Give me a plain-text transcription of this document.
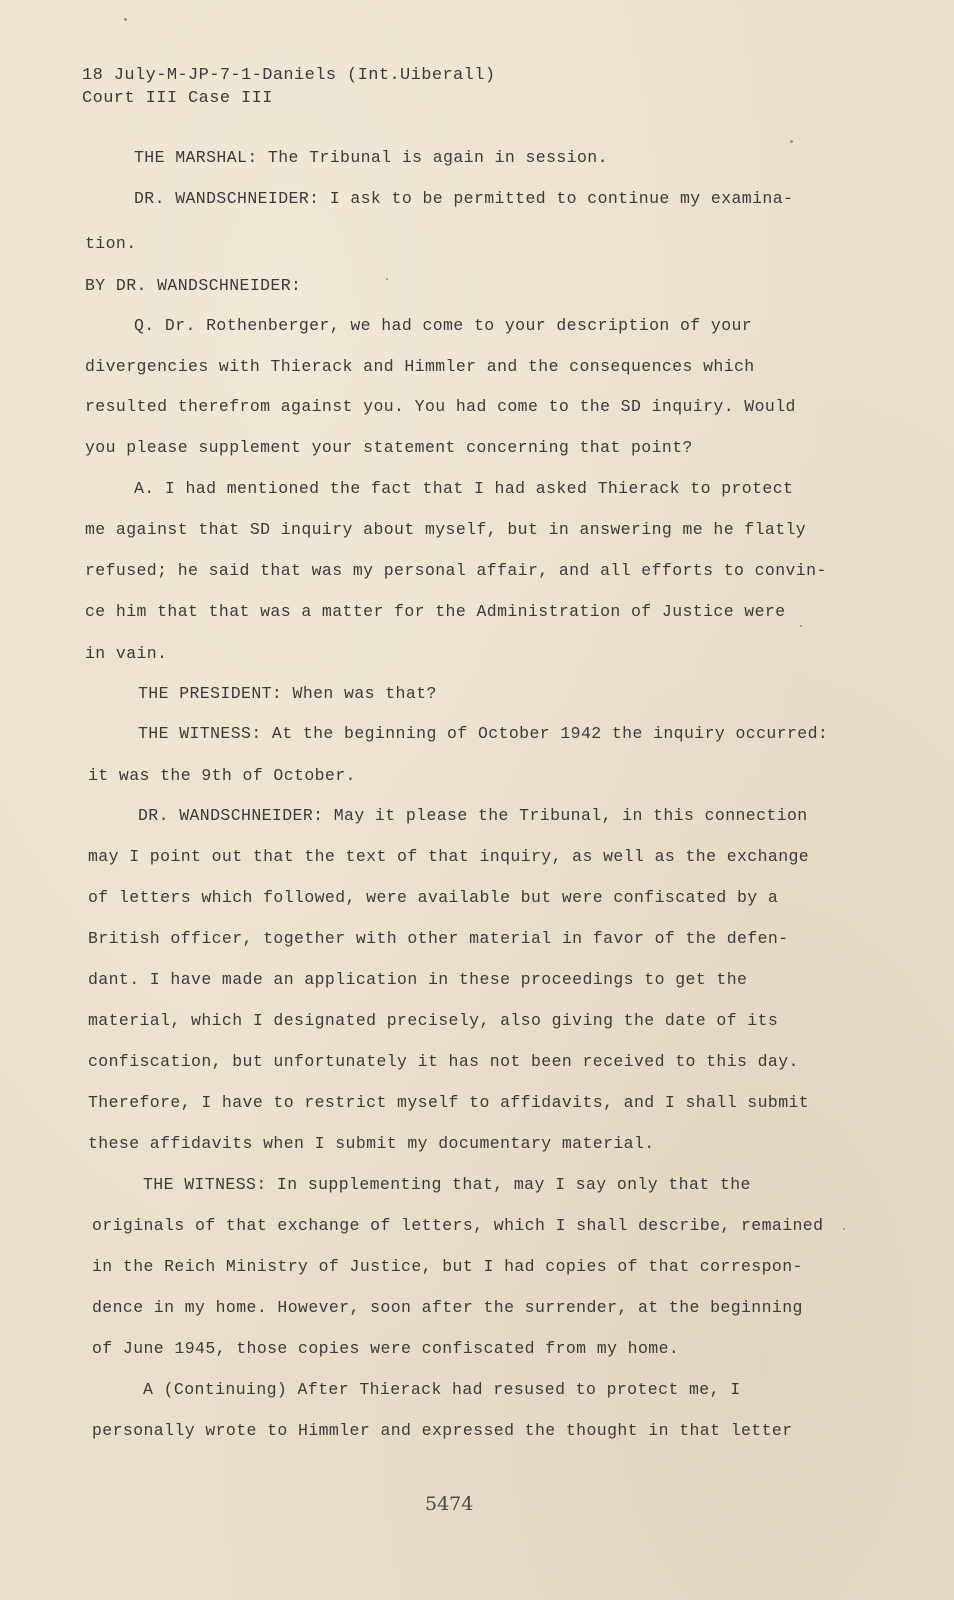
18 July-M-JP-7-1-Daniels (Int.Uiberall)
Court III Case III
THE MARSHAL: The Tribunal is again in session.
DR. WANDSCHNEIDER: I ask to be permitted to continue my examina-
tion.
BY DR. WANDSCHNEIDER:
Q. Dr. Rothenberger, we had come to your description of your
divergencies with Thierack and Himmler and the consequences which
resulted therefrom against you. You had come to the SD inquiry. Would
you please supplement your statement concerning that point?
A. I had mentioned the fact that I had asked Thierack to protect
me against that SD inquiry about myself, but in answering me he flatly
refused; he said that was my personal affair, and all efforts to convin-
ce him that that was a matter for the Administration of Justice were
in vain.
THE PRESIDENT: When was that?
THE WITNESS: At the beginning of October 1942 the inquiry occurred:
it was the 9th of October.
DR. WANDSCHNEIDER: May it please the Tribunal, in this connection
may I point out that the text of that inquiry, as well as the exchange
of letters which followed, were available but were confiscated by a
British officer, together with other material in favor of the defen-
dant. I have made an application in these proceedings to get the
material, which I designated precisely, also giving the date of its
confiscation, but unfortunately it has not been received to this day.
Therefore, I have to restrict myself to affidavits, and I shall submit
these affidavits when I submit my documentary material.
THE WITNESS: In supplementing that, may I say only that the
originals of that exchange of letters, which I shall describe, remained
in the Reich Ministry of Justice, but I had copies of that correspon-
dence in my home. However, soon after the surrender, at the beginning
of June 1945, those copies were confiscated from my home.
A (Continuing) After Thierack had resused to protect me, I
personally wrote to Himmler and expressed the thought in that letter
5474
